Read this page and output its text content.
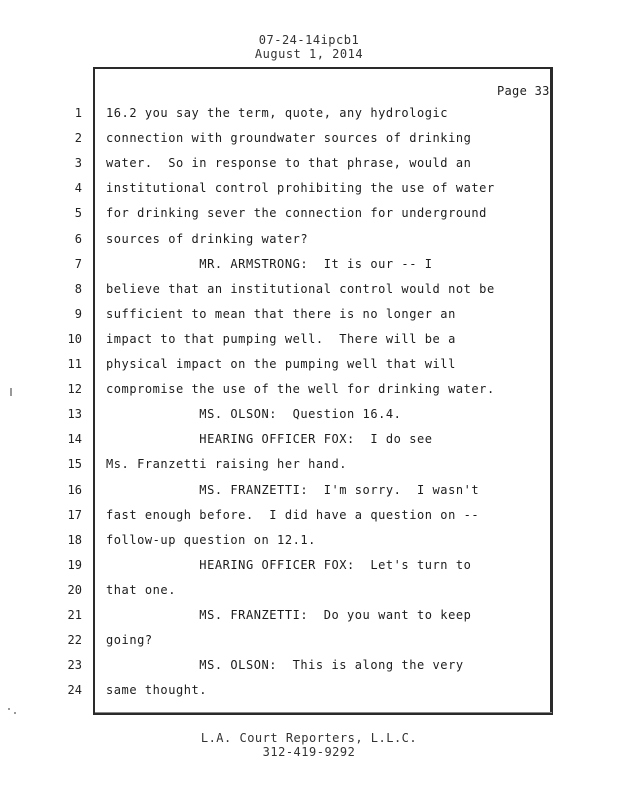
07-24-14ipcb1
August 1, 2014
Page 33
1 16.2 you say the term, quote, any hydrologic
2 connection with groundwater sources of drinking
3 water.  So in response to that phrase, would an
4 institutional control prohibiting the use of water
5 for drinking sever the connection for underground
6 sources of drinking water?
7 MR. ARMSTRONG:  It is our -- I
8 believe that an institutional control would not be
9 sufficient to mean that there is no longer an
10 impact to that pumping well.  There will be a
11 physical impact on the pumping well that will
12 compromise the use of the well for drinking water.
13 MS. OLSON:  Question 16.4.
14 HEARING OFFICER FOX:  I do see
15 Ms. Franzetti raising her hand.
16 MS. FRANZETTI:  I'm sorry.  I wasn't
17 fast enough before.  I did have a question on --
18 follow-up question on 12.1.
19 HEARING OFFICER FOX:  Let's turn to
20 that one.
21 MS. FRANZETTI:  Do you want to keep
22 going?
23 MS. OLSON:  This is along the very
24 same thought.
L.A. Court Reporters, L.L.C.
312-419-9292
